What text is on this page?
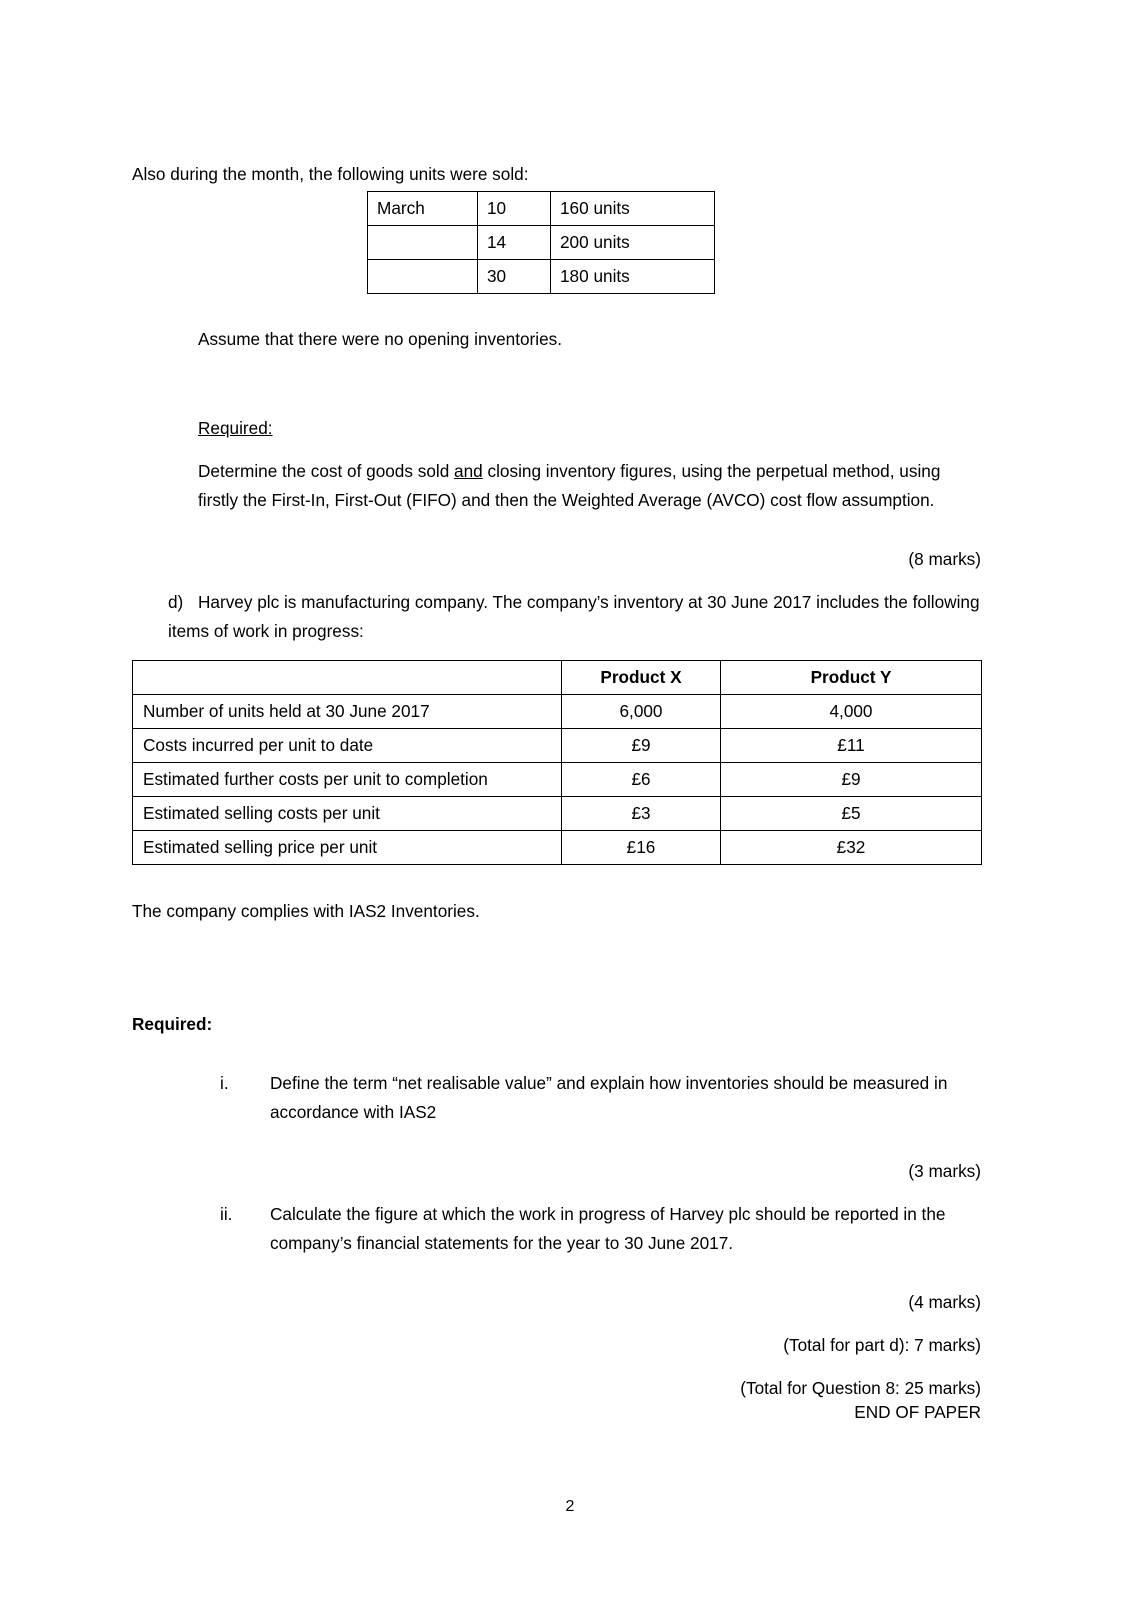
Also during the month, the following units were sold:

Assume that there were no opening inventories.

Required:

Determine the cost of goods sold and closing inventory figures, using the perpetual method, using firstly the First-In, First-Out (FIFO) and then the Weighted Average (AVCO) cost flow assumption.

(8 marks)

d) Harvey plc is manufacturing company. The company’s inventory at 30 June 2017 includes the following items of work in progress:

The company complies with IAS2 Inventories.

Required:

i.	Define the term “net realisable value” and explain how inventories should be measured in accordance with IAS2

(3 marks)

ii.	Calculate the figure at which the work in progress of Harvey plc should be reported in the company’s financial statements for the year to 30 June 2017.

(4 marks)

(Total for part d): 7 marks)

(Total for Question 8: 25 marks)

March	10	160 units
	14	200 units
	30	180 units
	Product X	Product Y
Number of units held at 30 June 2017	6,000	4,000
Costs incurred per unit to date	£9	£11
Estimated further costs per unit to completion	£6	£9
Estimated selling costs per unit	£3	£5
Estimated selling price per unit	£16	£32
END OF PAPER
2
